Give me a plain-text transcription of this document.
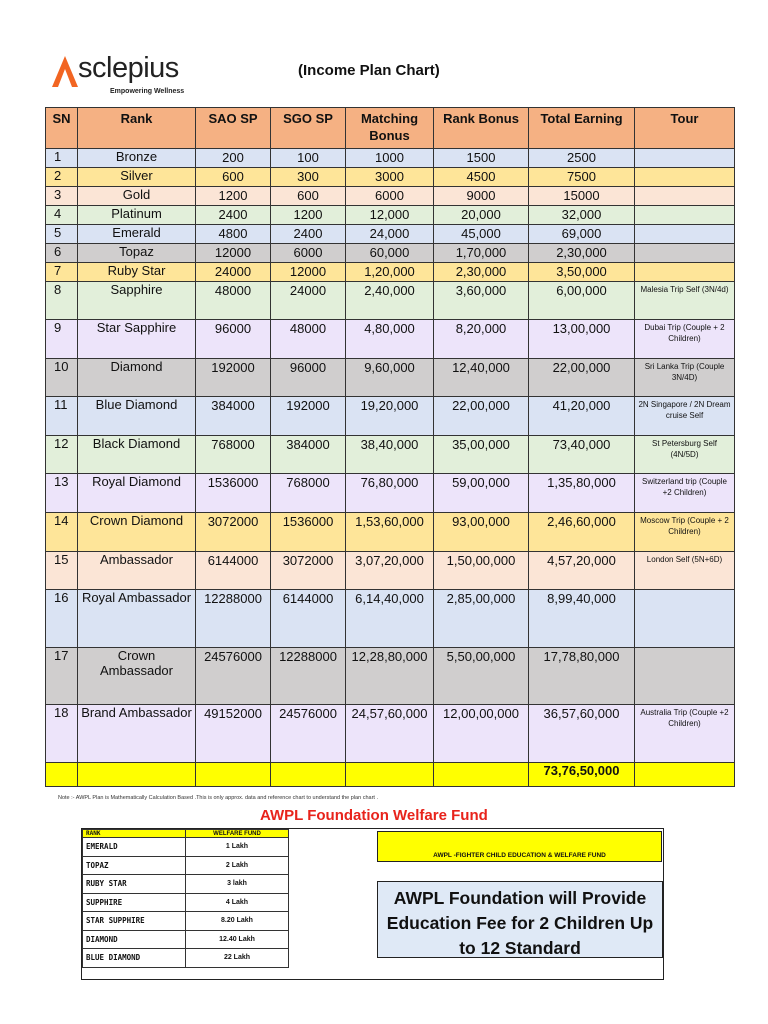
sclepius
Empowering Wellness
(Income Plan Chart)
SN	Rank	SAO SP	SGO SP	Matching Bonus	Rank Bonus	Total Earning	Tour
1	Bronze	200	100	1000	1500	2500	
2	Silver	600	300	3000	4500	7500	
3	Gold	1200	600	6000	9000	15000	
4	Platinum	2400	1200	12,000	20,000	32,000	
5	Emerald	4800	2400	24,000	45,000	69,000	
6	Topaz	12000	6000	60,000	1,70,000	2,30,000	
7	Ruby Star	24000	12000	1,20,000	2,30,000	3,50,000	
8	Sapphire	48000	24000	2,40,000	3,60,000	6,00,000	Malesia Trip Self (3N/4d)
9	Star Sapphire	96000	48000	4,80,000	8,20,000	13,00,000	Dubai Trip (Couple + 2 Children)
10	Diamond	192000	96000	9,60,000	12,40,000	22,00,000	Sri Lanka Trip (Couple 3N/4D)
11	Blue Diamond	384000	192000	19,20,000	22,00,000	41,20,000	2N Singapore / 2N Dream cruise Self
12	Black Diamond	768000	384000	38,40,000	35,00,000	73,40,000	St Petersburg Self (4N/5D)
13	Royal Diamond	1536000	768000	76,80,000	59,00,000	1,35,80,000	Switzerland trip (Couple +2 Children)
14	Crown Diamond	3072000	1536000	1,53,60,000	93,00,000	2,46,60,000	Moscow Trip (Couple + 2 Children)
15	Ambassador	6144000	3072000	3,07,20,000	1,50,00,000	4,57,20,000	London Self (5N+6D)
16	Royal Ambassador	12288000	6144000	6,14,40,000	2,85,00,000	8,99,40,000	
17	Crown Ambassador	24576000	12288000	12,28,80,000	5,50,00,000	17,78,80,000	
18	Brand Ambassador	49152000	24576000	24,57,60,000	12,00,00,000	36,57,60,000	Australia Trip (Couple +2 Children)
						73,76,50,000	
Note :- AWPL Plan is Mathematically Calculation Based .This is only approx. data and reference chart to understand the plan chart .
AWPL Foundation Welfare Fund
RANK	WELFARE FUND
EMERALD	1 Lakh
TOPAZ	2 Lakh
RUBY STAR	3 lakh
SUPPHIRE	4 Lakh
STAR SUPPHIRE	8.20 Lakh
DIAMOND	12.40 Lakh
BLUE DIAMOND	22 Lakh
AWPL -FIGHTER CHILD EDUCATION & WELFARE FUND
AWPL Foundation will Provide Education Fee for 2 Children Up to 12 Standard
